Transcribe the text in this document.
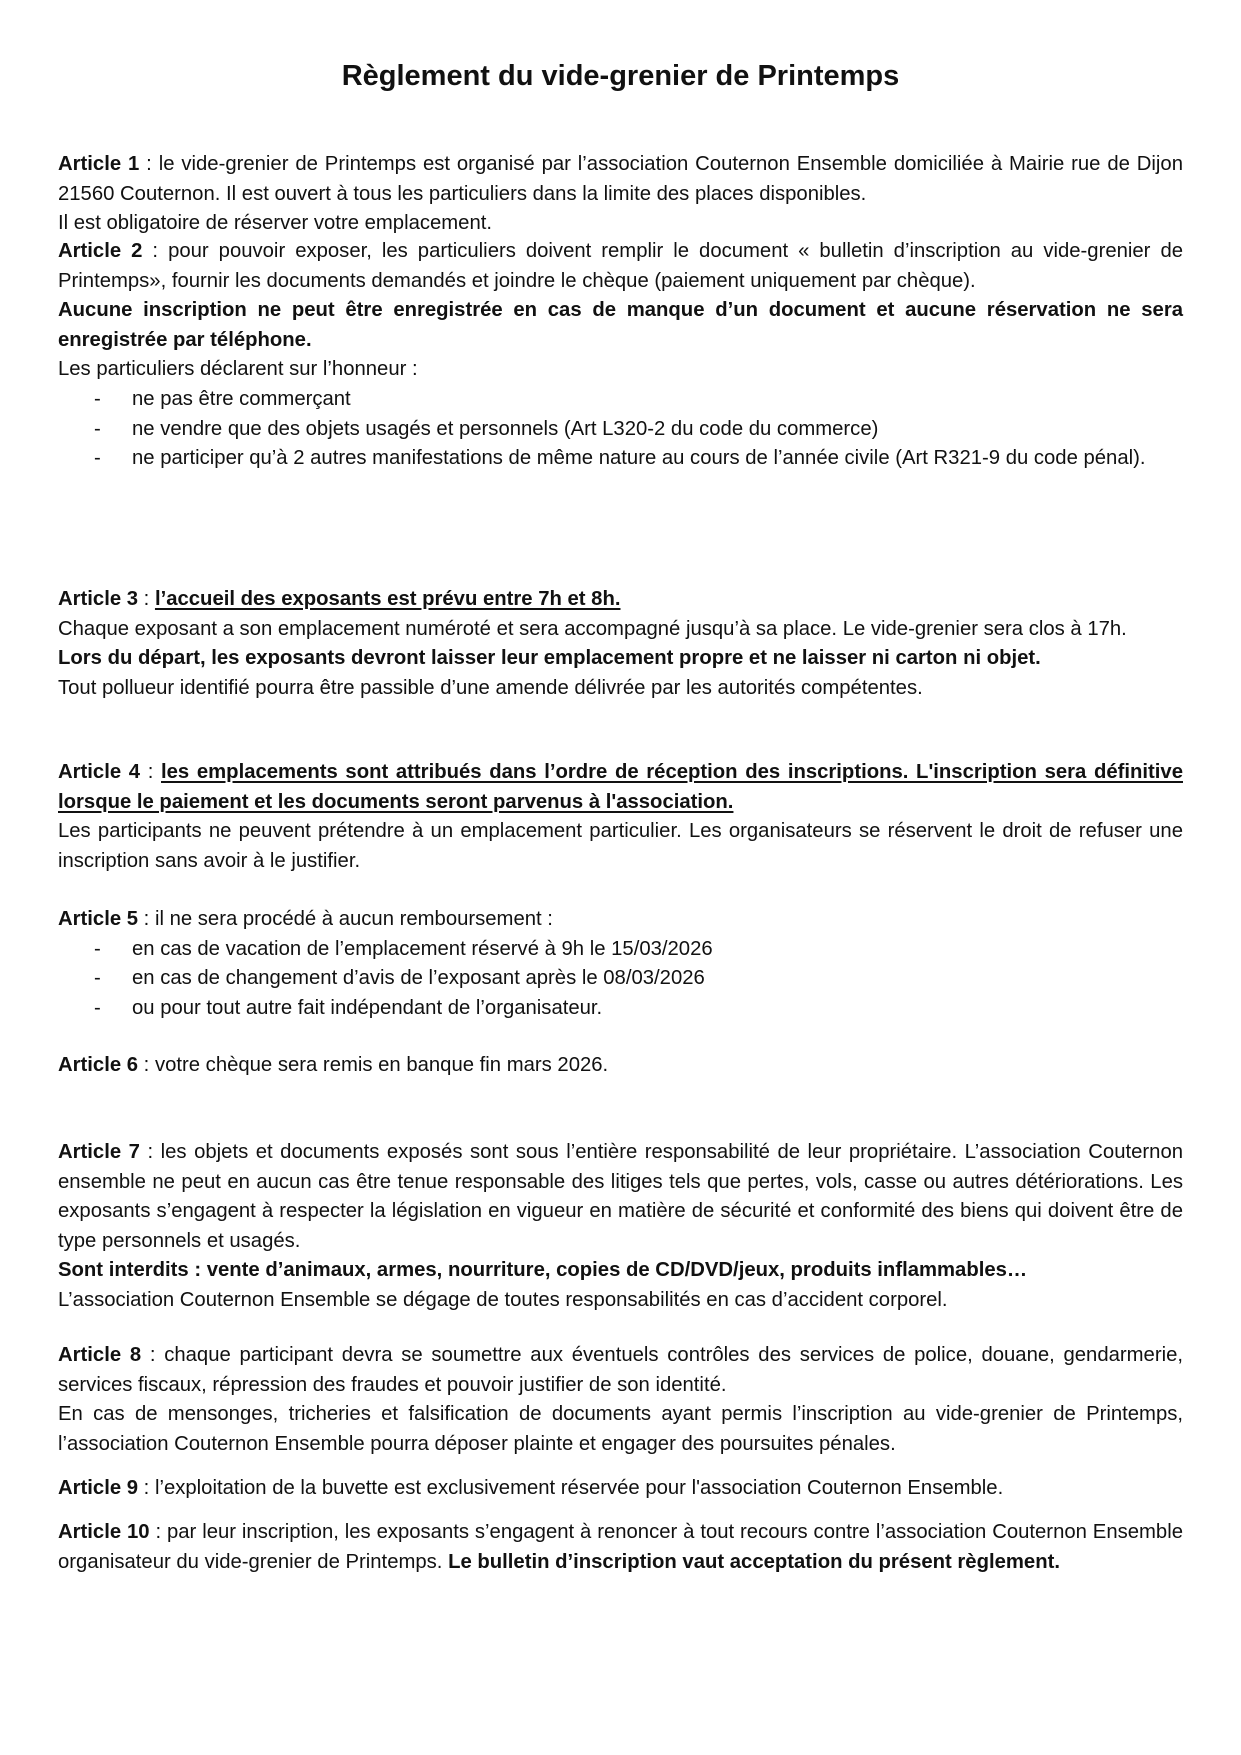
Règlement du vide-grenier de Printemps

Article 1 : le vide-grenier de Printemps est organisé par l’association Couternon Ensemble domiciliée à Mairie rue de Dijon 21560 Couternon. Il est ouvert à tous les particuliers dans la limite des places disponibles.

Il est obligatoire de réserver votre emplacement.

Article 2 : pour pouvoir exposer, les particuliers doivent remplir le document « bulletin d’inscription au vide-grenier de Printemps», fournir les documents demandés et joindre le chèque (paiement uniquement par chèque).

Aucune inscription ne peut être enregistrée en cas de manque d’un document et aucune réservation ne sera enregistrée par téléphone.

Les particuliers déclarent sur l’honneur :

- ne pas être commerçant
- ne vendre que des objets usagés et personnels (Art L320-2 du code du commerce)
- ne participer qu’à 2 autres manifestations de même nature au cours de l’année civile (Art R321-9 du code pénal).

Article 3 : l’accueil des exposants est prévu entre 7h et 8h.

Chaque exposant a son emplacement numéroté et sera accompagné jusqu’à sa place. Le vide-grenier sera clos à 17h.

Lors du départ, les exposants devront laisser leur emplacement propre et ne laisser ni carton ni objet.

Tout pollueur identifié pourra être passible d’une amende délivrée par les autorités compétentes.

Article 4 : les emplacements sont attribués dans l’ordre de réception des inscriptions. L'inscription sera définitive lorsque le paiement et les documents seront parvenus à l'association.

Les participants ne peuvent prétendre à un emplacement particulier. Les organisateurs se réservent le droit de refuser une inscription sans avoir à le justifier.

Article 5 : il ne sera procédé à aucun remboursement :

- en cas de vacation de l’emplacement réservé à 9h le 15/03/2026
- en cas de changement d’avis de l’exposant après le 08/03/2026
- ou pour tout autre fait indépendant de l’organisateur.

Article 6 : votre chèque sera remis en banque fin mars 2026.

Article 7 : les objets et documents exposés sont sous l’entière responsabilité de leur propriétaire. L’association Couternon ensemble ne peut en aucun cas être tenue responsable des litiges tels que pertes, vols, casse ou autres détériorations. Les exposants s’engagent à respecter la législation en vigueur en matière de sécurité et conformité des biens qui doivent être de type personnels et usagés.

Sont interdits : vente d’animaux, armes, nourriture, copies de CD/DVD/jeux, produits inflammables…

L’association Couternon Ensemble se dégage de toutes responsabilités en cas d’accident corporel.

Article 8 : chaque participant devra se soumettre aux éventuels contrôles des services de police, douane, gendarmerie, services fiscaux, répression des fraudes et pouvoir justifier de son identité.

En cas de mensonges, tricheries et falsification de documents ayant permis l’inscription au vide-grenier de Printemps, l’association Couternon Ensemble pourra déposer plainte et engager des poursuites pénales.

Article 9 : l’exploitation de la buvette est exclusivement réservée pour l'association Couternon Ensemble.

Article 10 : par leur inscription, les exposants s’engagent à renoncer à tout recours contre l’association Couternon Ensemble organisateur du vide-grenier de Printemps. Le bulletin d’inscription vaut acceptation du présent règlement.
